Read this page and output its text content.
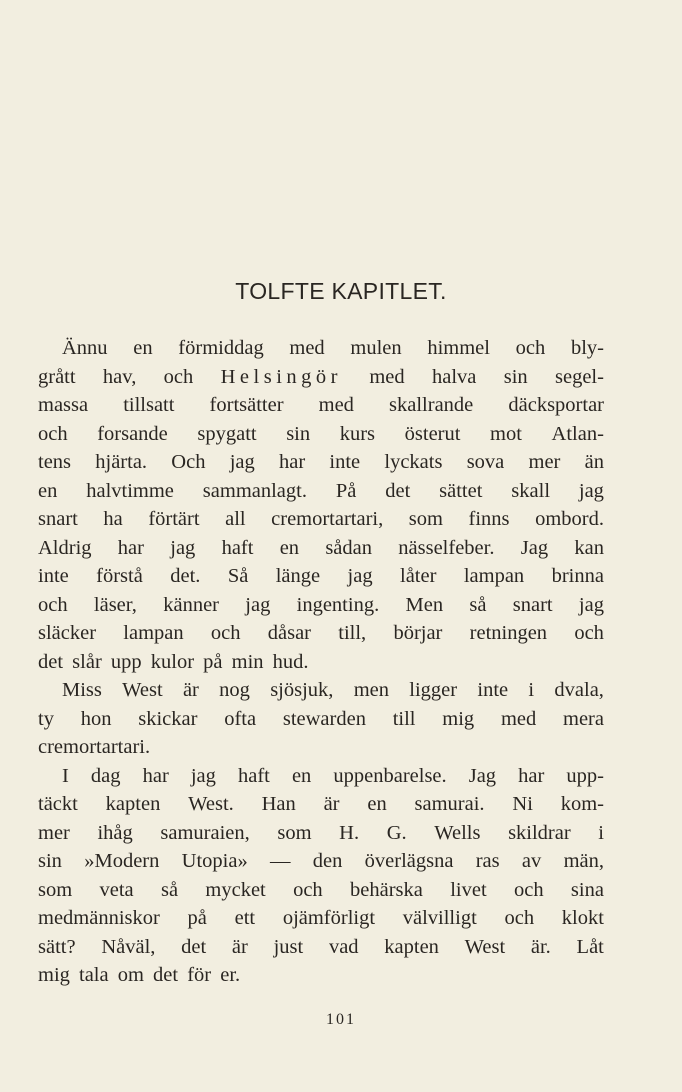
TOLFTE KAPITLET.
Ännu en förmiddag med mulen himmel och bly-
grått hav, och Helsingör med halva sin segel-
massa tillsatt fortsätter med skallrande däcksportar
och forsande spygatt sin kurs österut mot Atlan-
tens hjärta. Och jag har inte lyckats sova mer än
en halvtimme sammanlagt. På det sättet skall jag
snart ha förtärt all cremortartari, som finns ombord.
Aldrig har jag haft en sådan nässelfeber. Jag kan
inte förstå det. Så länge jag låter lampan brinna
och läser, känner jag ingenting. Men så snart jag
släcker lampan och dåsar till, börjar retningen och
det slår upp kulor på min hud.
Miss West är nog sjösjuk, men ligger inte i dvala,
ty hon skickar ofta stewarden till mig med mera
cremortartari.
I dag har jag haft en uppenbarelse. Jag har upp-
täckt kapten West. Han är en samurai. Ni kom-
mer ihåg samuraien, som H. G. Wells skildrar i
sin »Modern Utopia» — den överlägsna ras av män,
som veta så mycket och behärska livet och sina
medmänniskor på ett ojämförligt välvilligt och klokt
sätt? Nåväl, det är just vad kapten West är. Låt
mig tala om det för er.
101
